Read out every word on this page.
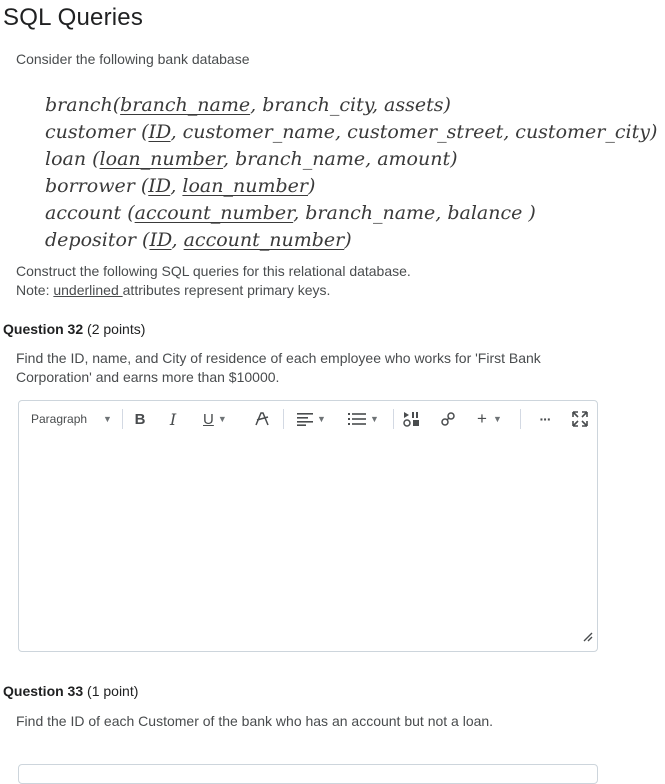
SQL Queries
Consider the following bank database
branch(branch_name, branch_city, assets)
customer (ID, customer_name, customer_street, customer_city)
loan (loan_number, branch_name, amount)
borrower (ID, loan_number)
account (account_number, branch_name, balance )
depositor (ID, account_number)
Construct the following SQL queries for this relational database.
Note: underlined attributes represent primary keys.
Question 32 (2 points)
Find the ID, name, and City of residence of each employee who works for 'First Bank Corporation' and earns more than $10000.
Paragraph ▼ B I U ▼	▼	▼	+ ▼	···
Question 33 (1 point)
Find the ID of each Customer of the bank who has an account but not a loan.
